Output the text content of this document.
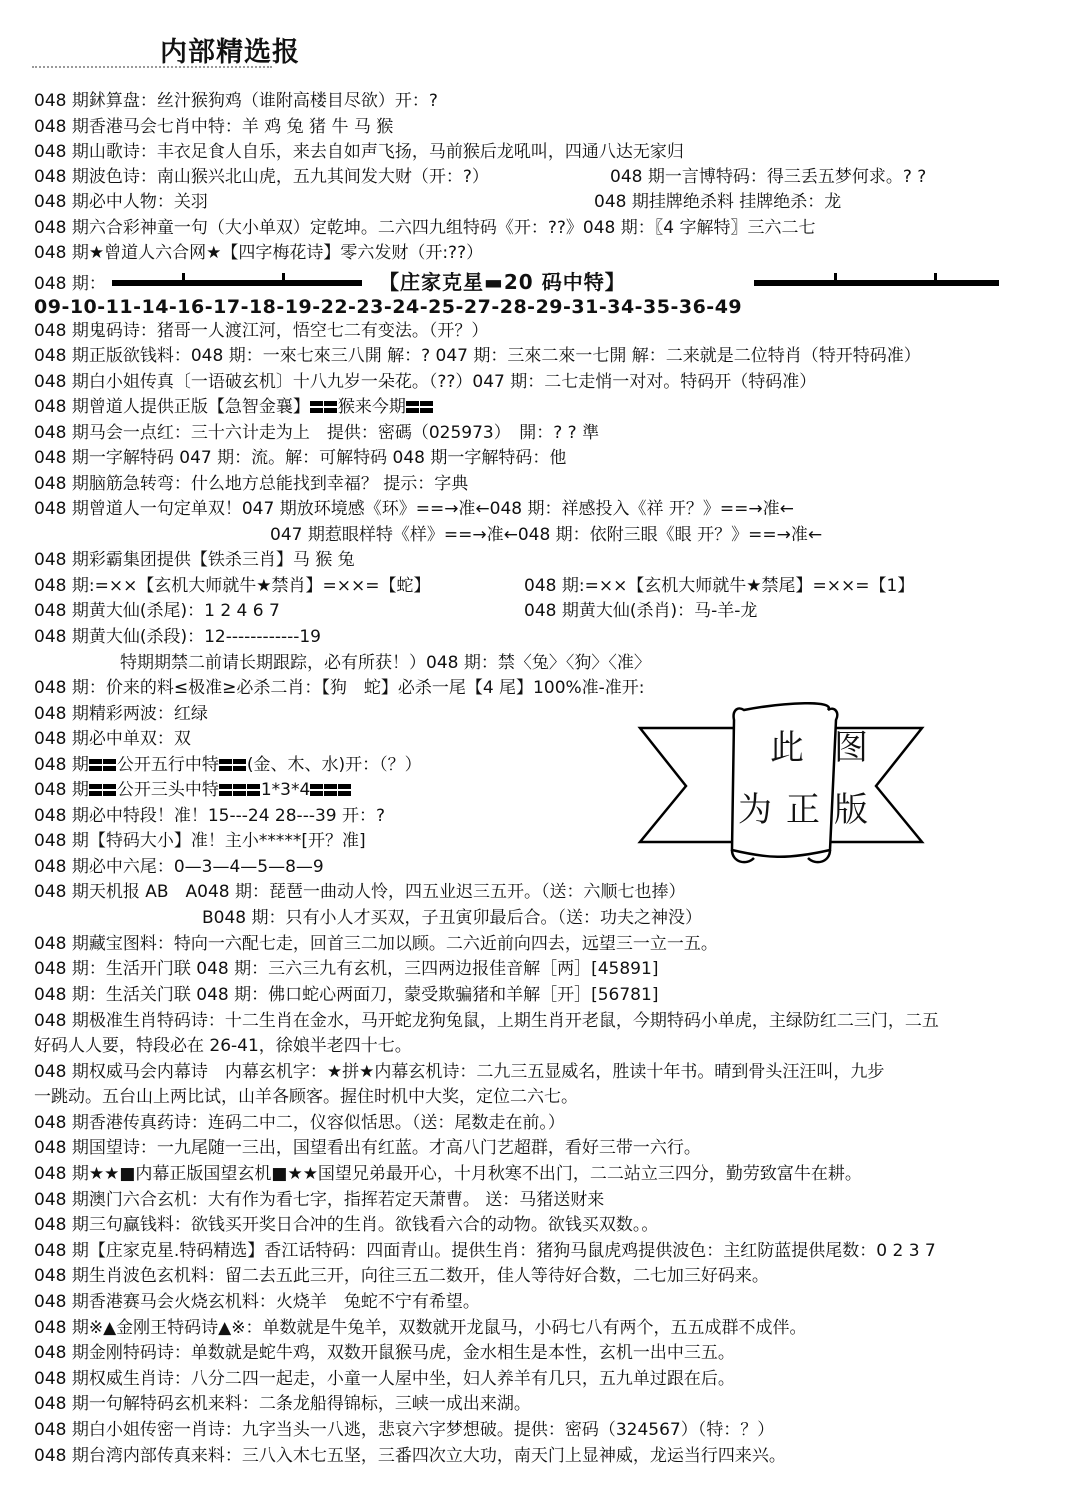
内部精选报
048 期鉥算盘：丝汁猴狗鸡（谁附高楼目尽欲）开：?
048 期香港马会七肖中特：羊 鸡 兔 猪 牛 马 猴
048 期山歌诗：丰衣足食人自乐，来去自如声飞扬，马前猴后龙吼叫，四通八达无家归
048 期波色诗：南山猴兴北山虎，五九其间发大财（开：?）	048 期一言博特码：得三丢五梦何求。? ?
048 期必中人物：关羽	048 期挂牌绝杀料 挂牌绝杀：龙
048 期六合彩神童一句（大小单双）定乾坤。二六四九组特码《开：??》048 期：〖4 字解特〗三六二七
048 期★曾道人六合网★【四字梅花诗】零六发财（开:??）
048 期：	【庄家克星▬20 码中特】
09-10-11-14-16-17-18-19-22-23-24-25-27-28-29-31-34-35-36-49
048 期鬼码诗：猪哥一人渡江河，悟空七二有变法。（开？）
048 期正版欲钱料：048 期：一來七來三八開 解：? 047 期：三來二來一七開 解：二来就是二位特肖（特开特码准）
048 期白小姐传真〔一语破玄机〕十八九岁一朵花。（??）047 期：二七走悄一对对。特码开（特码准）
048 期曾道人提供正版【急智金襄】 猴来今期
048 期马会一点红：三十六计走为上　提供：密碼（025973）　開：? ? 準
048 期一字解特码 047 期：流。解：可解特码 048 期一字解特码：他
048 期脑筋急转弯：什么地方总能找到幸福？ 提示：字典
048 期曾道人一句定单双！047 期放环境感《环》==→准←048 期：祥感投入《祥 开？》==→准←
047 期惹眼样特《样》==→准←048 期：依附三眼《眼 开？》==→准←
048 期彩霸集团提供【铁杀三肖】马 猴 兔
048 期:=××【玄机大师就牛★禁肖】=××=【蛇】	048 期:=××【玄机大师就牛★禁尾】=××=【1】
048 期黄大仙(杀尾)：1 2 4 6 7	048 期黄大仙(杀肖)：马-羊-龙
048 期黄大仙(杀段)：12------------19
特期期禁二前请长期跟踪，必有所获！）048 期：禁〈兔〉〈狗〉〈准〉
048 期：价来的料≤极准≥必杀二肖：【狗　蛇】必杀一尾【4 尾】100%准-准开:
048 期精彩两波：红绿
048 期必中单双：双
048 期 公开五行中特 (金、木、水)开：（？）
048 期 公开三头中特 1*3*4
048 期必中特段！准！15---24 28---39 开：?
048 期【特码大小】准！主小*****[开？准]
048 期必中六尾：0—3—4—5—8—9
048 期天机报 AB　A048 期：琵琶一曲动人怜，四五业迟三五开。（送：六顺七也捧）
B048 期：只有小人才买双，子丑寅卯最后合。（送：功夫之神没）
048 期藏宝图料：特向一六配七走，回首三二加以顾。二六近前向四去，远望三一立一五。
048 期：生活开门联 048 期：三六三九有玄机，三四两边报佳音解［两］[45891]
048 期：生活关门联 048 期：佛口蛇心两面刀，蒙受欺骗猪和羊解［开］[56781]
048 期极准生肖特码诗：十二生肖在金水，马开蛇龙狗兔鼠，上期生肖开老鼠，今期特码小单虎，主绿防红二三门，二五
好码人人要，特段必在 26-41，徐娘半老四十七。
048 期权威马会内幕诗　内幕玄机字：★拼★内幕玄机诗：二九三五显威名，胜读十年书。晴到骨头汪汪叫，九步
一跳动。五台山上两比试，山羊各顾客。握住时机中大奖，定位二六七。
048 期香港传真药诗：连码二中二，仪容似恬思。（送：尾数走在前。）
048 期国望诗：一九尾随一三出，国望看出有红蓝。才高八门艺超群，看好三带一六行。
048 期★★■内幕正版国望玄机■★★国望兄弟最开心，十月秋寒不出门，二二站立三四分，勤劳致富牛在耕。
048 期澳门六合玄机：大有作为看七字，指挥若定天萧曹。 送：马猪送财来
048 期三句赢钱料：欲钱买开奖日合冲的生肖。欲钱看六合的动物。欲钱买双数。。
048 期【庄家克星.特码精选】香江话特码：四面青山。提供生肖：猪狗马鼠虎鸡提供波色：主红防蓝提供尾数：0 2 3 7
048 期生肖波色玄机料：留二去五此三开，向往三五二数开，佳人等待好合数，二七加三好码来。
048 期香港赛马会火烧玄机料：火烧羊　兔蛇不宁有希望。
048 期※▲金刚王特码诗▲※：单数就是牛兔羊，双数就开龙鼠马，小码七八有两个，五五成群不成伴。
048 期金刚特码诗：单数就是蛇牛鸡，双数开鼠猴马虎，金水相生是本性，玄机一出中三五。
048 期权威生肖诗：八分二四一起走，小童一人屋中坐，妇人养羊有几只，五九单过跟在后。
048 期一句解特码玄机来料：二条龙船得锦标，三峡一成出来湖。
048 期白小姐传密一肖诗：九字当头一八逃，悲哀六字梦想破。提供：密码（324567）（特：？）
048 期台湾内部传真来料：三八入木七五坚，三番四次立大功，南天门上显神威，龙运当行四来兴。
此图
为正版
